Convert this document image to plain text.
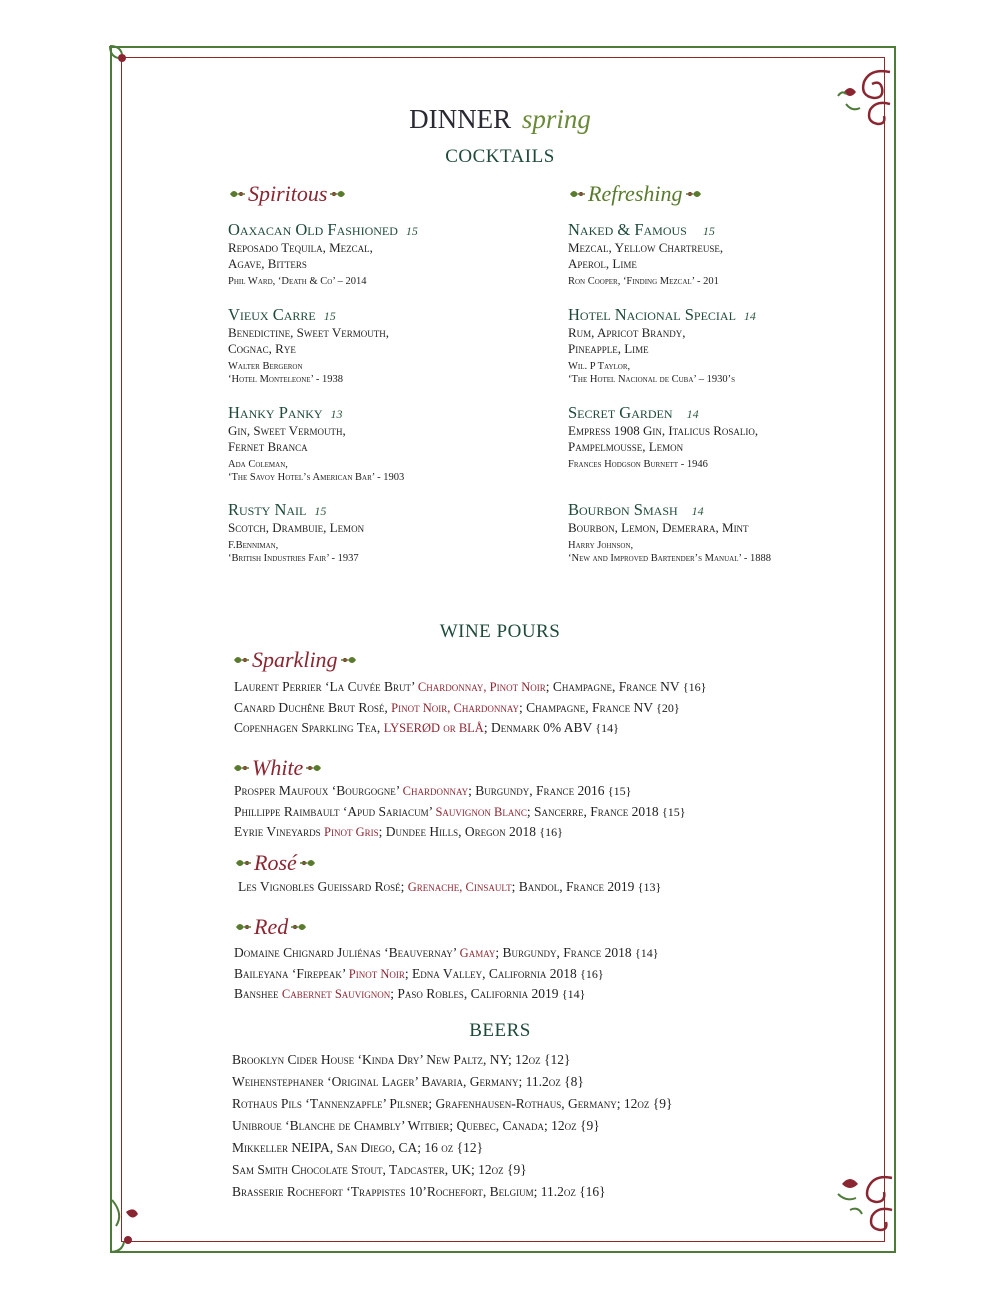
DINNER spring
COCKTAILS
Spiritous	Refreshing
Oaxacan Old Fashioned 15
Reposado Tequila, Mezcal,
Agave, Bitters
Phil Ward, ‘Death & Co’ – 2014
Vieux Carre 15
Benedictine, Sweet Vermouth,
Cognac, Rye
Walter Bergeron
‘Hotel Monteleone’ - 1938
Hanky Panky 13
Gin, Sweet Vermouth,
Fernet Branca
Ada Coleman,
‘The Savoy Hotel’s American Bar’ - 1903
Rusty Nail 15
Scotch, Drambuie, Lemon
F.Benniman,
‘British Industries Fair’ - 1937
Naked & Famous 15
Mezcal, Yellow Chartreuse,
Aperol, Lime
Ron Cooper, ‘Finding Mezcal’ - 201
Hotel Nacional Special 14
Rum, Apricot Brandy,
Pineapple, Lime
Wil. P Taylor,
‘The Hotel Nacional de Cuba’ – 1930’s
Secret Garden 14
Empress 1908 Gin, Italicus Rosalio,
Pampelmousse, Lemon
Frances Hodgson Burnett - 1946
Bourbon Smash 14
Bourbon, Lemon, Demerara, Mint
Harry Johnson,
‘New and Improved Bartender’s Manual’ - 1888
WINE POURS
Sparkling
Laurent Perrier ‘La Cuvée Brut’ Chardonnay, Pinot Noir; Champagne, France NV {16}
Canard Duchêne Brut Rosé, Pinot Noir, Chardonnay; Champagne, France NV {20}
Copenhagen Sparkling Tea, LYSERØD or BLÅ; Denmark 0% ABV {14}
White
Prosper Maufoux ‘Bourgogne’ Chardonnay; Burgundy, France 2016 {15}
Phillippe Raimbault ‘Apud Sariacum’ Sauvignon Blanc; Sancerre, France 2018 {15}
Eyrie Vineyards Pinot Gris; Dundee Hills, Oregon 2018 {16}
Rosé
Les Vignobles Gueissard Rosé; Grenache, Cinsault; Bandol, France 2019 {13}
Red
Domaine Chignard Juliénas ‘Beauvernay’ Gamay; Burgundy, France 2018 {14}
Baileyana ‘Firepeak’ Pinot Noir; Edna Valley, California 2018 {16}
Banshee Cabernet Sauvignon; Paso Robles, California 2019 {14}
BEERS
Brooklyn Cider House ‘Kinda Dry’ New Paltz, NY; 12oz {12}
Weihenstephaner ‘Original Lager’ Bavaria, Germany; 11.2oz {8}
Rothaus Pils ‘Tannenzapfle’ Pilsner; Grafenhausen-Rothaus, Germany; 12oz {9}
Unibroue ‘Blanche de Chambly’ Witbier; Quebec, Canada; 12oz {9}
Mikkeller NEIPA, San Diego, CA; 16 oz {12}
Sam Smith Chocolate Stout, Tadcaster, UK; 12oz {9}
Brasserie Rochefort ‘Trappistes 10’Rochefort, Belgium; 11.2oz {16}
